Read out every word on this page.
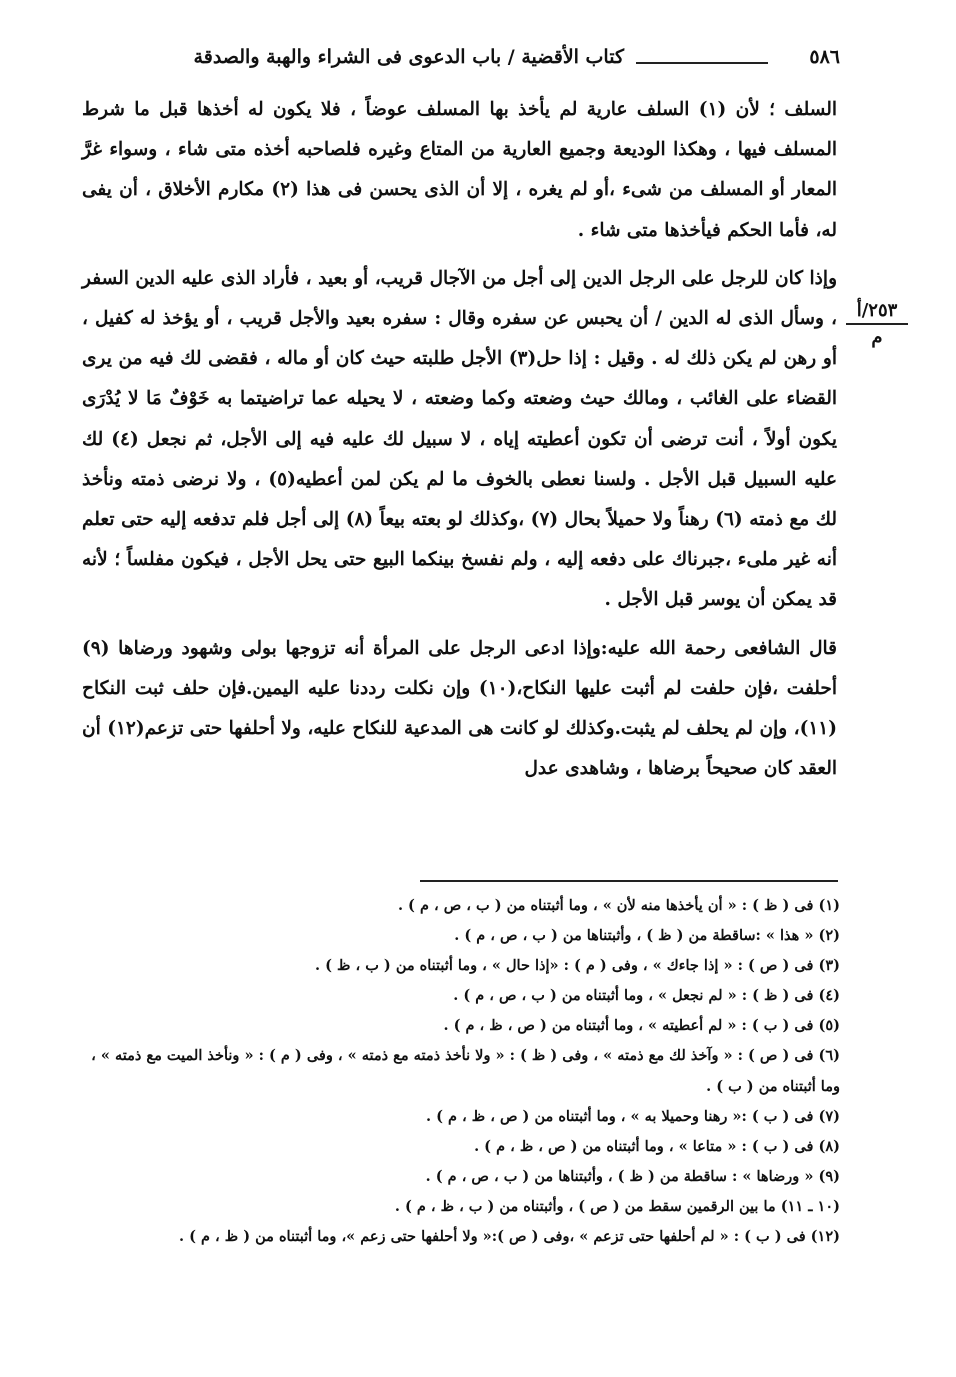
٥٨٦
كتاب الأقضية / باب الدعوى فى الشراء والهبة والصدقة
٢٥٣/أ
م

السلف ؛ لأن (١) السلف عارية لم يأخذ بها المسلف عوضاً ، فلا يكون له أخذها قبل ما شرط المسلف فيها ، وهكذا الوديعة وجميع العارية من المتاع وغيره فلصاحبه أخذه متى شاء ، وسواء غرَّ المعار أو المسلف من شىء ،أو لم يغره ، إلا أن الذى يحسن فى هذا (٢) مكارم الأخلاق ، أن يفى له، فأما الحكم فيأخذها متى شاء .

وإذا كان للرجل على الرجل الدين إلى أجل من الآجال قريب، أو بعيد ، فأراد الذى عليه الدين السفر ، وسأل الذى له الدين / أن يحبس عن سفره وقال : سفره بعيد والأجل قريب ، أو يؤخذ له كفيل ، أو رهن لم يكن ذلك له . وقيل : إذا حل(٣) الأجل طلبته حيث كان أو ماله ، فقضى لك فيه من يرى القضاء على الغائب ، ومالك حيث وضعته وكما وضعته ، لا يحيله عما تراضيتما به خَوْفٌ مَا لا يُدْرَى يكون أولاً ، أنت ترضى أن تكون أعطيته إياه ، لا سبيل لك عليه فيه إلى الأجل، ثم نجعل (٤) لك عليه السبيل قبل الأجل . ولسنا نعطى بالخوف ما لم يكن لمن أعطيه(٥) ، ولا نرضى ذمته ونأخذ لك مع ذمته (٦) رهناً ولا حميلاً بحال (٧) ،وكذلك لو بعته بيعاً (٨) إلى أجل فلم تدفعه إليه حتى تعلم أنه غير ملىء ،جبرناك على دفعه إليه ، ولم نفسخ بينكما البيع حتى يحل الأجل ، فيكون مفلساً ؛ لأنه قد يمكن أن يوسر قبل الأجل .

قال الشافعى رحمة الله عليه:وإذا ادعى الرجل على المرأة أنه تزوجها بولى وشهود ورضاها (٩) أحلفت ،فإن حلفت لم أثبت عليها النكاح،(١٠) وإن نكلت رددنا عليه اليمين.فإن حلف ثبت النكاح (١١)، وإن لم يحلف لم يثبت.وكذلك لو كانت هى المدعية للنكاح عليه، ولا أحلفها حتى تزعم(١٢) أن العقد كان صحيحاً برضاها ، وشاهدى عدل

(١) فى ( ظ ) : « أن يأخذها منه لأن » ، وما أثبتناه من ( ب ، ص ، م ) .

(٢) « هذا » :ساقطة من ( ظ ) ، وأثبتناها من ( ب ، ص ، م ) .

(٣) فى ( ص ) : « إذا جاءك » ، وفى ( م ) : «إذا حال » ، وما أثبتناه من ( ب ، ظ ) .

(٤) فى ( ظ ) : « لم نجعل » ، وما أثبتناه من ( ب ، ص ، م ) .

(٥) فى ( ب ) : « لم أعطيته » ، وما أثبتناه من ( ص ، ظ ، م ) .

(٦) فى ( ص ) : « وآخذ لك مع ذمته » ، وفى ( ظ ) : « ولا نأخذ ذمته مع ذمته » ، وفى ( م ) : « ونأخذ الميت مع ذمته » ، وما أثبتناه من ( ب ) .

(٧) فى ( ب ) :« رهنا وحميلا به » ، وما أثبتناه من ( ص ، ظ ، م ) .

(٨) فى ( ب ) : « متاعا » ، وما أثبتناه من ( ص ، ظ ، م ) .

(٩) « ورضاها » : ساقطة من ( ظ ) ، وأثبتناها من ( ب ، ص ، م ) .

(١٠ ـ ١١) ما بين الرقمين سقط من ( ص ) ، وأثبتناه من ( ب ، ظ ، م ) .

(١٢) فى ( ب ) : « لم أحلفها حتى تزعم » ،وفى ( ص ):« ولا أحلفها حتى زعم »، وما أثبتناه من ( ظ ، م ) .
